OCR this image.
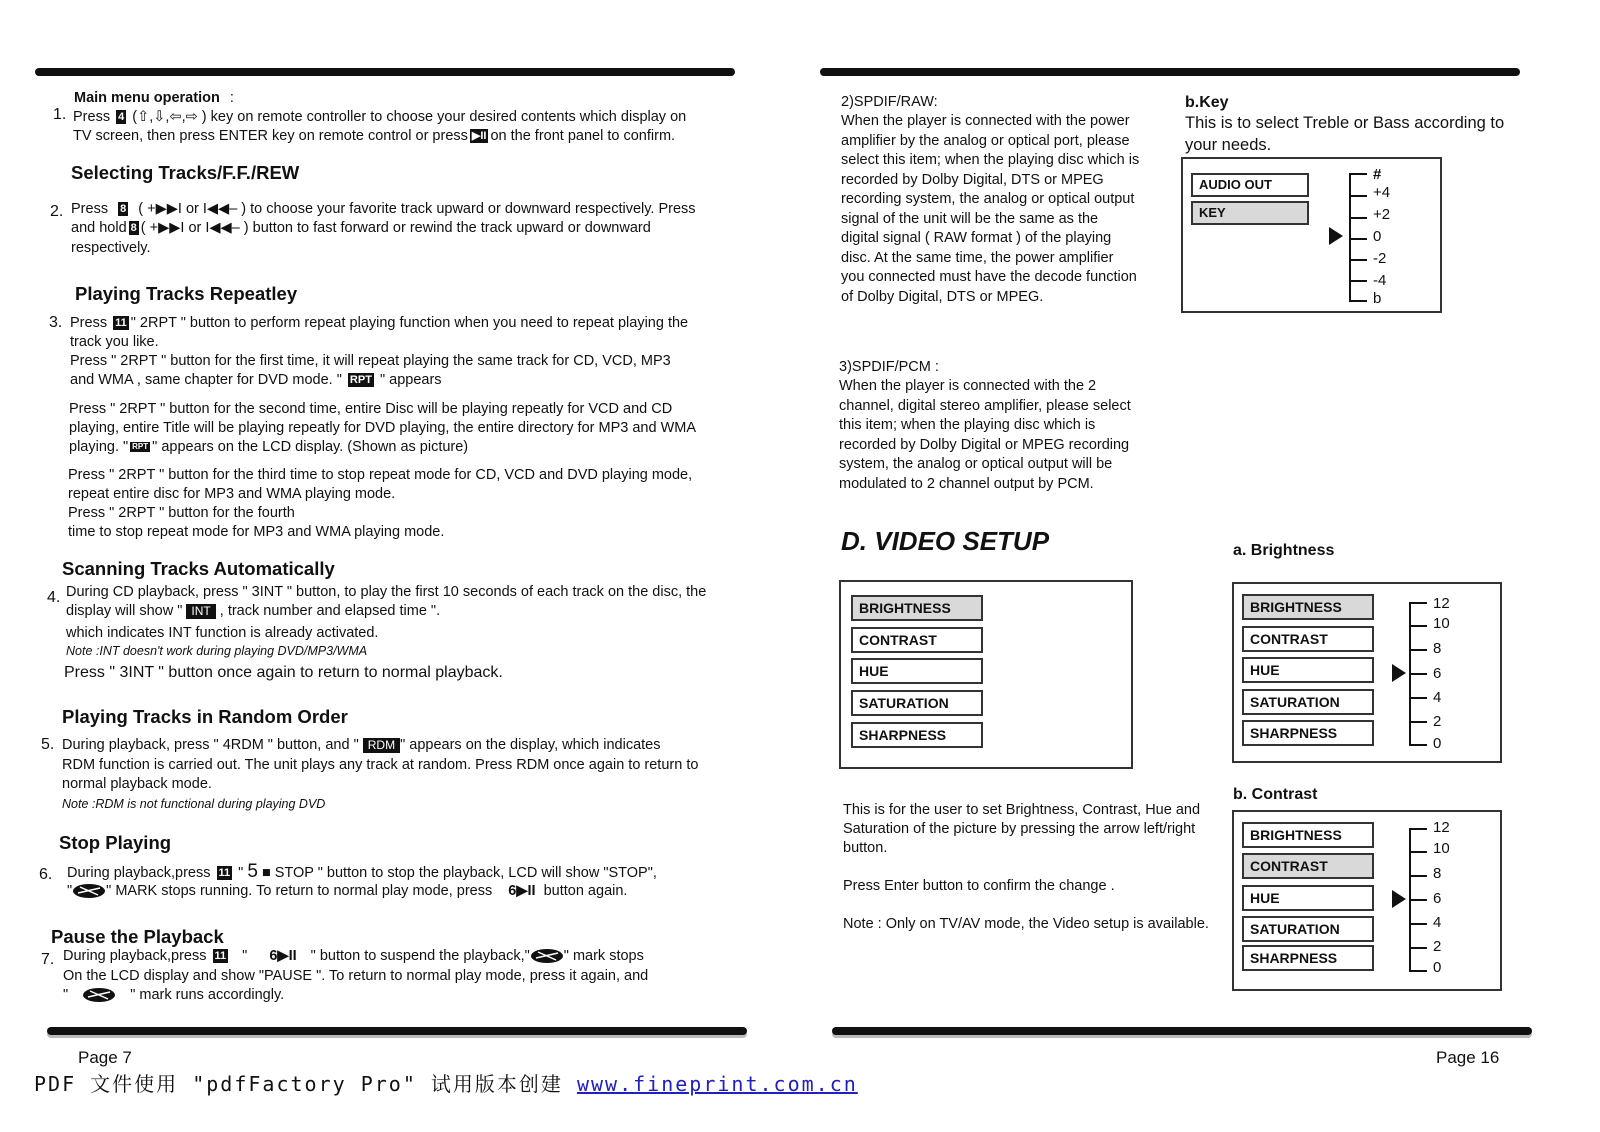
Main menu operation :
1. Press 4 (⇧,⇩,⇦,⇨ ) key on remote controller to choose your desired contents which display on
TV screen, then press ENTER key on remote control or press ▶II on the front panel to confirm.
Selecting Tracks/F.F./REW
2. Press 8 ( +▶▶I or I◀◀– ) to choose your favorite track upward or downward respectively. Press
and hold 8 ( +▶▶I or I◀◀– ) button to fast forward or rewind the track upward or downward
respectively.
Playing Tracks Repeatley
3. Press 11 " 2RPT " button to perform repeat playing function when you need to repeat playing the
track you like.
Press " 2RPT " button for the first time, it will repeat playing the same track for CD, VCD, MP3
and WMA , same chapter for DVD mode. " RPT " appears
Press " 2RPT " button for the second time, entire Disc will be playing repeatly for VCD and CD
playing, entire Title will be playing repeatly for DVD playing, the entire directory for MP3 and WMA
playing. " RPT " appears on the LCD display. (Shown as picture)
Press " 2RPT " button for the third time to stop repeat mode for CD, VCD and DVD playing mode,
repeat entire disc for MP3 and WMA playing mode.
Press " 2RPT " button for the fourth
time to stop repeat mode for MP3 and WMA playing mode.
Scanning Tracks Automatically
4. During CD playback, press " 3INT " button, to play the first 10 seconds of each track on the disc, the
display will show " INT , track number and elapsed time ".
which indicates INT function is already activated.
Note :INT doesn't work during playing DVD/MP3/WMA
Press " 3INT " button once again to return to normal playback.
Playing Tracks in Random Order
5. During playback, press " 4RDM " button, and " RDM " appears on the display, which indicates
RDM function is carried out. The unit plays any track at random. Press RDM once again to return to
normal playback mode.
Note :RDM is not functional during playing DVD
Stop Playing
6. During playback,press 11 " 5 ■ STOP " button to stop the playback, LCD will show "STOP",
" " MARK stops running. To return to normal play mode, press 6▶II button again.
Pause the Playback
7. During playback,press 11 " 6▶II " button to suspend the playback," " mark stops
On the LCD display and show "PAUSE ". To return to normal play mode, press it again, and
"	" mark runs accordingly.
Page 7
PDF 文件使用 "pdfFactory Pro" 试用版本创建 www.fineprint.com.cn
2)SPDIF/RAW:
When the player is connected with the power
amplifier by the analog or optical port, please
select this item; when the playing disc which is
recorded by Dolby Digital, DTS or MPEG
recording system, the analog or optical output
signal of the unit will be the same as the
digital signal ( RAW format ) of the playing
disc. At the same time, the power amplifier
you connected must have the decode function
of Dolby Digital, DTS or MPEG.
b.Key
This is to select Treble or Bass according to
your needs.
AUDIO OUT
KEY
#
+4
+2
0
-2
-4
b
3)SPDIF/PCM :
When the player is connected with the 2
channel, digital stereo amplifier, please select
this item; when the playing disc which is
recorded by Dolby Digital or MPEG recording
system, the analog or optical output will be
modulated to 2 channel output by PCM.
D. VIDEO SETUP
BRIGHTNESS
CONTRAST
HUE
SATURATION
SHARPNESS
a. Brightness
BRIGHTNESS
CONTRAST
HUE
SATURATION
SHARPNESS
12
10
8
6
4
2
0
This is for the user to set Brightness, Contrast, Hue and
Saturation of the picture by pressing the arrow left/right
button.
Press Enter button to confirm the change .
Note : Only on TV/AV mode, the Video setup is available.
b. Contrast
BRIGHTNESS
CONTRAST
HUE
SATURATION
SHARPNESS
12
10
8
6
4
2
0
Page 16
